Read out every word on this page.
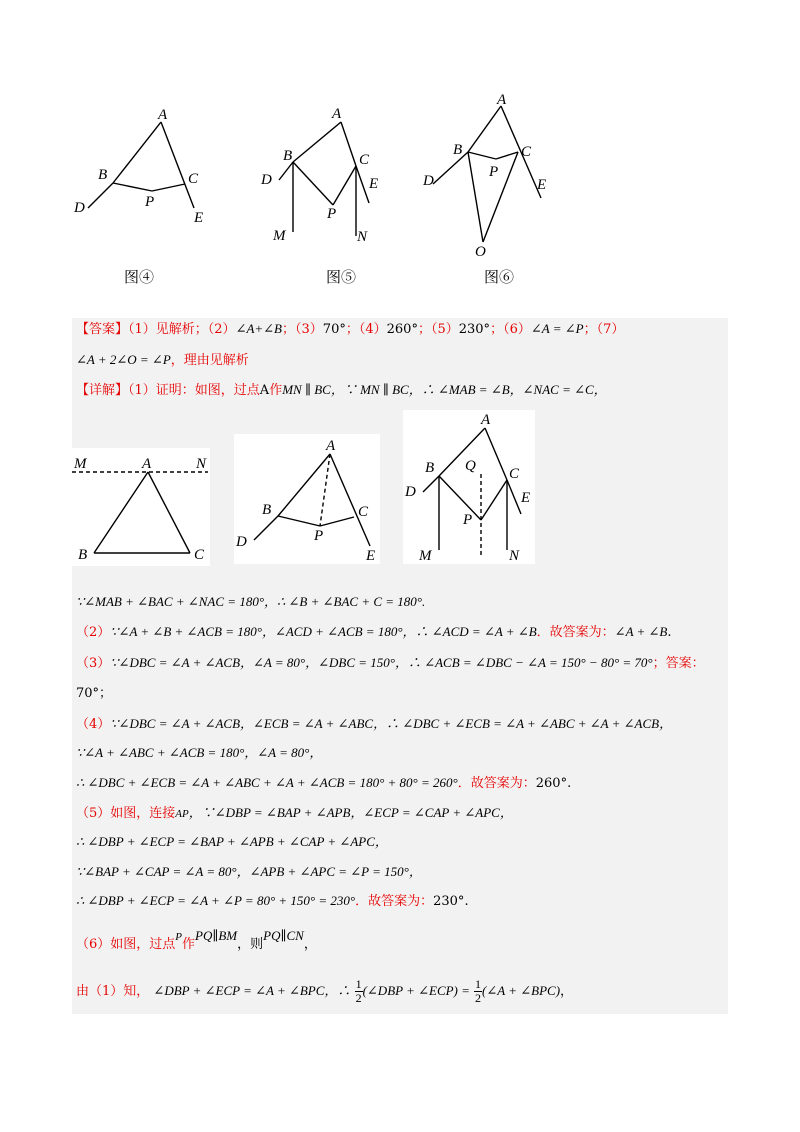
A
B	C
D	P
E
图④
A
B	C
D	E
P
M	N
图⑤
A
B	C
D	E
P
O
图⑥
【答案】（1）见解析；（2）∠A+∠B；（3）70°；（4）260°；（5）230°；（6）∠A = ∠P；（7）
∠A + 2∠O = ∠P，理由见解析
【详解】（1）证明：如图，过点A作MN ∥ BC，∵ MN ∥ BC，∴ ∠MAB = ∠B，∠NAC = ∠C，
M	A	N
B	C
A
B	C
D	P
E
A
B Q C
D	E
P
M	N
∵∠MAB + ∠BAC + ∠NAC = 180°，∴ ∠B + ∠BAC + C = 180°.
（2）∵∠A + ∠B + ∠ACB = 180°，∠ACD + ∠ACB = 180°，∴ ∠ACD = ∠A + ∠B．故答案为：∠A + ∠B.
（3）∵∠DBC = ∠A + ∠ACB，∠A = 80°，∠DBC = 150°，∴ ∠ACB = ∠DBC − ∠A = 150° − 80° = 70°；答案：
70°；
（4）∵∠DBC = ∠A + ∠ACB，∠ECB = ∠A + ∠ABC，∴ ∠DBC + ∠ECB = ∠A + ∠ABC + ∠A + ∠ACB，
∵∠A + ∠ABC + ∠ACB = 180°，∠A = 80°，
∴ ∠DBC + ∠ECB = ∠A + ∠ABC + ∠A + ∠ACB = 180° + 80° = 260°．故答案为：260°.
（5）如图，连接AP，∵∠DBP = ∠BAP + ∠APB，∠ECP = ∠CAP + ∠APC，
∴ ∠DBP + ∠ECP = ∠BAP + ∠APB + ∠CAP + ∠APC，
∵∠BAP + ∠CAP = ∠A = 80°，∠APB + ∠APC = ∠P = 150°，
∴ ∠DBP + ∠ECP = ∠A + ∠P = 80° + 150° = 230°．故答案为：230°.
（6）如图，过点$^P$作PQ∥BM，则PQ∥CN，
由（1）知， ∠DBP + ∠ECP = ∠A + ∠BPC，∴ $\frac{1}{2}$ (∠DBP + ∠ECP) = $\frac{1}{2}$ (∠A + ∠BPC)，
